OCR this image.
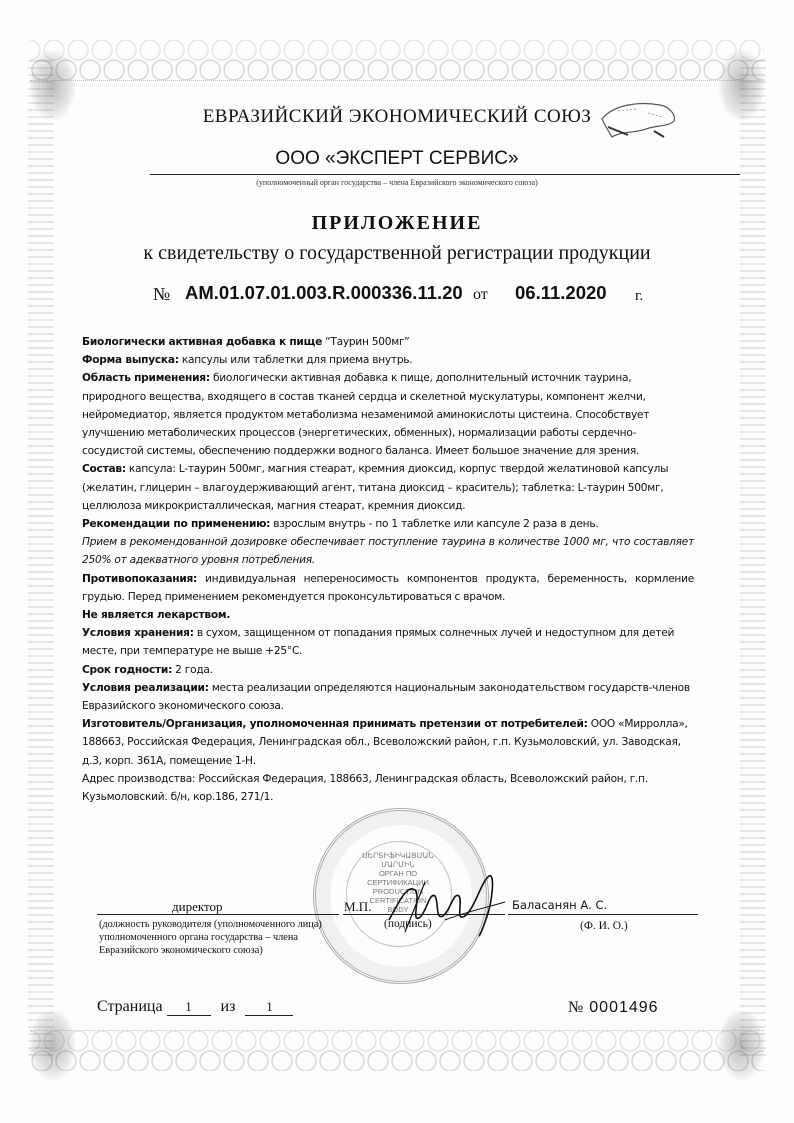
ЕВРАЗИЙСКИЙ ЭКОНОМИЧЕСКИЙ СОЮЗ
ООО «ЭКСПЕРТ СЕРВИС»
(уполномоченный орган государства – члена Евразийского экономического союза)
ПРИЛОЖЕНИЕ
к свидетельству о государственной регистрации продукции
№ AM.01.07.01.003.R.000336.11.20 от 06.11.2020 г.

Биологически активная добавка к пище “Таурин 500мг”

Форма выпуска: капсулы или таблетки для приема внутрь.

Область применения: биологически активная добавка к пище, дополнительный источник таурина, природного вещества, входящего в состав тканей сердца и скелетной мускулатуры, компонент желчи, нейромедиатор, является продуктом метаболизма незаменимой аминокислоты цистеина. Способствует улучшению метаболических процессов (энергетических, обменных), нормализации работы сердечно-сосудистой системы, обеспечению поддержки водного баланса. Имеет большое значение для зрения.

Состав: капсула: L-таурин 500мг, магния стеарат, кремния диоксид, корпус твердой желатиновой капсулы (желатин, глицерин – влагоудерживающий агент, титана диоксид – краситель); таблетка: L-таурин 500мг, целлюлоза микрокристаллическая, магния стеарат, кремния диоксид.

Рекомендации по применению: взрослым внутрь - по 1 таблетке или капсуле 2 раза в день.

Прием в рекомендованной дозировке обеспечивает поступление таурина в количестве 1000 мг, что составляет 250% от адекватного уровня потребления.

Противопоказания: индивидуальная непереносимость компонентов продукта, беременность, кормление грудью. Перед применением рекомендуется проконсультироваться с врачом.

Не является лекарством.

Условия хранения: в сухом, защищенном от попадания прямых солнечных лучей и недоступном для детей месте, при температуре не выше +25°С.

Срок годности: 2 года.

Условия реализации: места реализации определяются национальным законодательством государств-членов Евразийского экономического союза.

Изготовитель/Организация, уполномоченная принимать претензии от потребителей: ООО «Мирролла», 188663, Российская Федерация, Ленинградская обл., Всеволожский район, г.п. Кузьмоловский, ул. Заводская, д.3, корп. 361А, помещение 1-Н.

Адрес производства: Российская Федерация, 188663, Ленинградская область, Всеволожский район, г.п. Кузьмоловский. б/н, кор.186, 271/1.

ՍԵՐՏԻՖԻԿԱՑՄԱՆ
ՄԱՐՄԻՆ
ОРГАН ПО
СЕРТИФИКАЦИИ
PRODUCTION
CERTIFICATION
BODY
директор
(должность руководителя (уполномоченного лица) уполномоченного органа государства – члена Евразийского экономического союза)
М.П.
(подпись)
Баласанян А. С.
(Ф. И. О.)
Страница 1 из 1	№ 0001496
